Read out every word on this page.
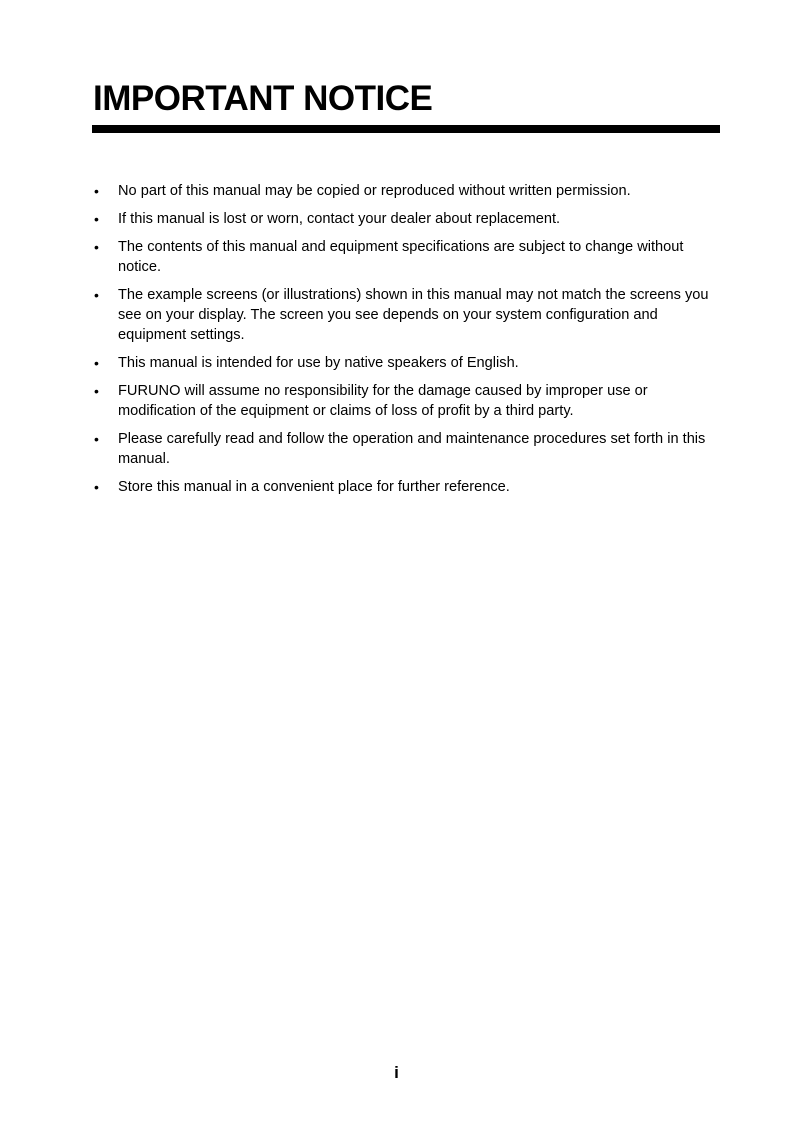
IMPORTANT NOTICE
• No part of this manual may be copied or reproduced without written permission.
• If this manual is lost or worn, contact your dealer about replacement.
• The contents of this manual and equipment specifications are subject to change without notice.
• The example screens (or illustrations) shown in this manual may not match the screens you see on your display. The screen you see depends on your system configuration and equipment settings.
• This manual is intended for use by native speakers of English.
• FURUNO will assume no responsibility for the damage caused by improper use or modification of the equipment or claims of loss of profit by a third party.
• Please carefully read and follow the operation and maintenance procedures set forth in this manual.
• Store this manual in a convenient place for further reference.
i
